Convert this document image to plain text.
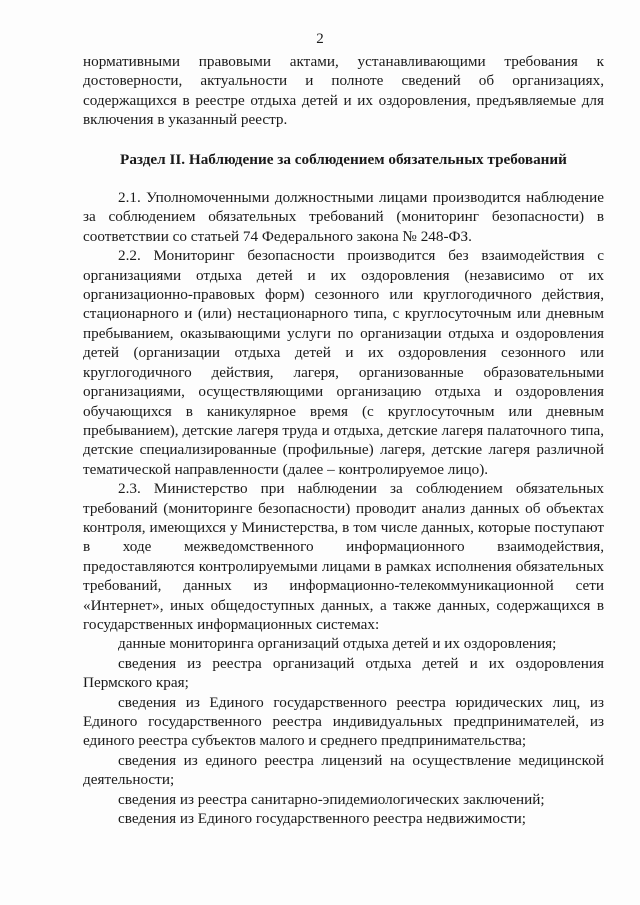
2

нормативными правовыми актами, устанавливающими требования к достоверности, актуальности и полноте сведений об организациях, содержащихся в реестре отдыха детей и их оздоровления, предъявляемые для включения в указанный реестр.

Раздел II. Наблюдение за соблюдением обязательных требований

2.1. Уполномоченными должностными лицами производится наблюдение за соблюдением обязательных требований (мониторинг безопасности) в соответствии со статьей 74 Федерального закона № 248-ФЗ.

2.2. Мониторинг безопасности производится без взаимодействия с организациями отдыха детей и их оздоровления (независимо от их организационно-правовых форм) сезонного или круглогодичного действия, стационарного и (или) нестационарного типа, с круглосуточным или дневным пребыванием, оказывающими услуги по организации отдыха и оздоровления детей (организации отдыха детей и их оздоровления сезонного или круглогодичного действия, лагеря, организованные образовательными организациями, осуществляющими организацию отдыха и оздоровления обучающихся в каникулярное время (с круглосуточным или дневным пребыванием), детские лагеря труда и отдыха, детские лагеря палаточного типа, детские специализированные (профильные) лагеря, детские лагеря различной тематической направленности (далее – контролируемое лицо).

2.3. Министерство при наблюдении за соблюдением обязательных требований (мониторинге безопасности) проводит анализ данных об объектах контроля, имеющихся у Министерства, в том числе данных, которые поступают в ходе межведомственного информационного взаимодействия, предоставляются контролируемыми лицами в рамках исполнения обязательных требований, данных из информационно-телекоммуникационной сети «Интернет», иных общедоступных данных, а также данных, содержащихся в государственных информационных системах:

данные мониторинга организаций отдыха детей и их оздоровления;

сведения из реестра организаций отдыха детей и их оздоровления Пермского края;

сведения из Единого государственного реестра юридических лиц, из Единого государственного реестра индивидуальных предпринимателей, из единого реестра субъектов малого и среднего предпринимательства;

сведения из единого реестра лицензий на осуществление медицинской деятельности;

сведения из реестра санитарно-эпидемиологических заключений;

сведения из Единого государственного реестра недвижимости;
